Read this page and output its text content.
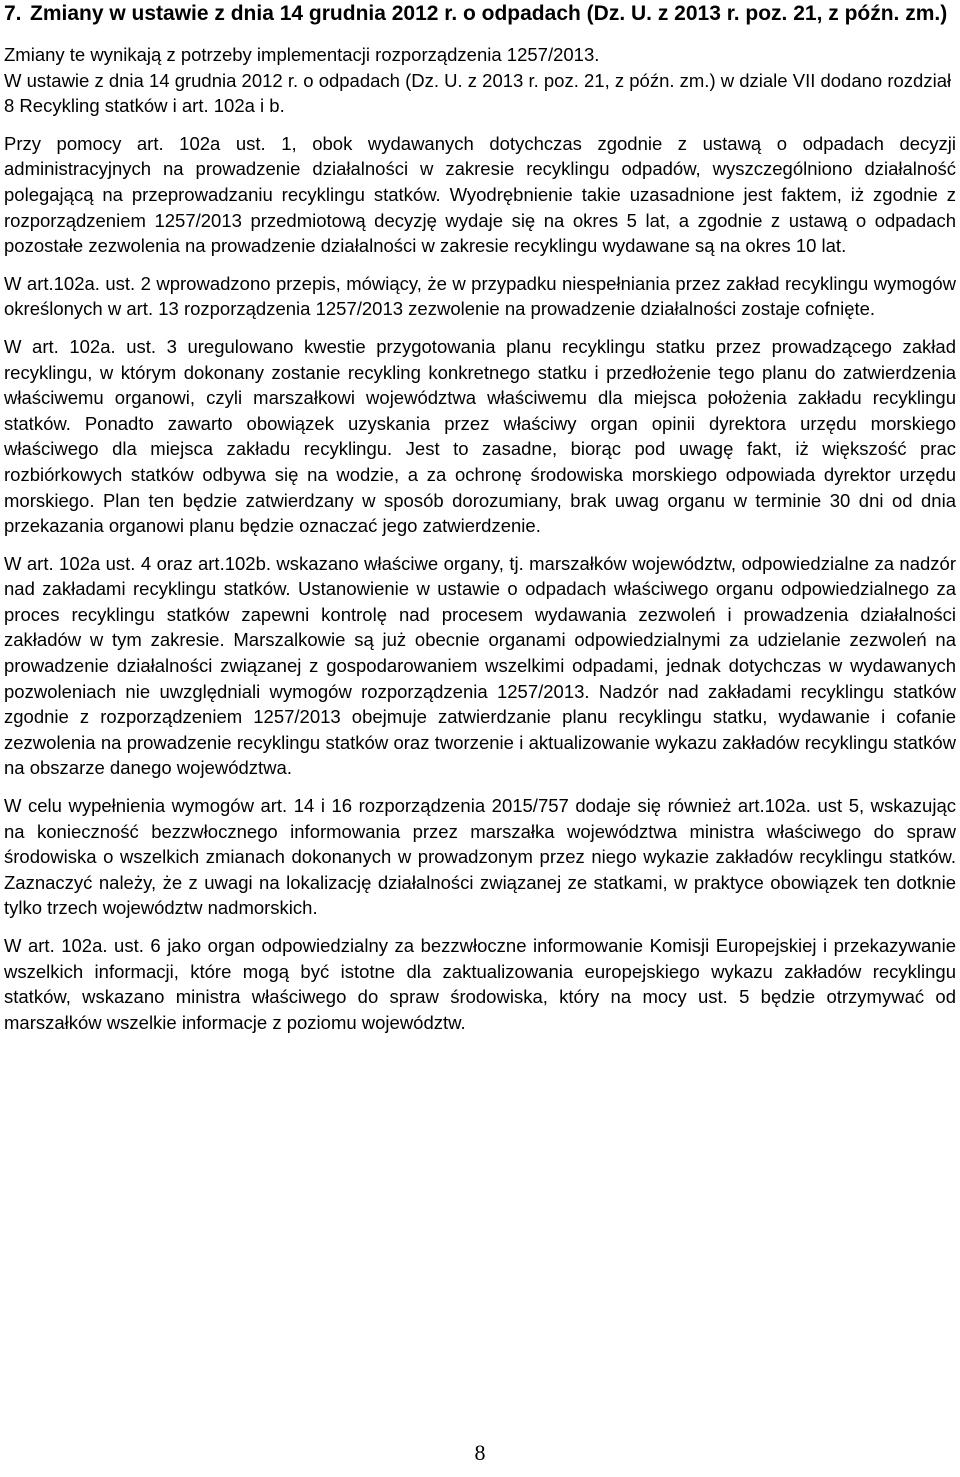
7. Zmiany w ustawie z dnia 14 grudnia 2012 r. o odpadach (Dz. U. z 2013 r. poz. 21, z późn. zm.)

Zmiany te wynikają z potrzeby implementacji rozporządzenia 1257/2013.

W ustawie z dnia 14 grudnia 2012 r. o odpadach (Dz. U. z 2013 r. poz. 21, z późn. zm.) w dziale VII dodano rozdział 8 Recykling statków i art. 102a i b.

Przy pomocy art. 102a ust. 1, obok wydawanych dotychczas zgodnie z ustawą o odpadach decyzji administracyjnych na prowadzenie działalności w zakresie recyklingu odpadów, wyszczególniono działalność polegającą na przeprowadzaniu recyklingu statków. Wyodrębnienie takie uzasadnione jest faktem, iż zgodnie z rozporządzeniem 1257/2013 przedmiotową decyzję wydaje się na okres 5 lat, a zgodnie z ustawą o odpadach pozostałe zezwolenia na prowadzenie działalności w zakresie recyklingu wydawane są na okres 10 lat.

W art.102a. ust. 2 wprowadzono przepis, mówiący, że w przypadku niespełniania przez zakład recyklingu wymogów określonych w art. 13 rozporządzenia 1257/2013 zezwolenie na prowadzenie działalności zostaje cofnięte.

W art. 102a. ust. 3 uregulowano kwestie przygotowania planu recyklingu statku przez prowadzącego zakład recyklingu, w którym dokonany zostanie recykling konkretnego statku i przedłożenie tego planu do zatwierdzenia właściwemu organowi, czyli marszałkowi województwa właściwemu dla miejsca położenia zakładu recyklingu statków. Ponadto zawarto obowiązek uzyskania przez właściwy organ opinii dyrektora urzędu morskiego właściwego dla miejsca zakładu recyklingu. Jest to zasadne, biorąc pod uwagę fakt, iż większość prac rozbiórkowych statków odbywa się na wodzie, a za ochronę środowiska morskiego odpowiada dyrektor urzędu morskiego. Plan ten będzie zatwierdzany w sposób dorozumiany, brak uwag organu w terminie 30 dni od dnia przekazania organowi planu będzie oznaczać jego zatwierdzenie.

W art. 102a ust. 4 oraz art.102b. wskazano właściwe organy, tj. marszałków województw, odpowiedzialne za nadzór nad zakładami recyklingu statków. Ustanowienie w ustawie o odpadach właściwego organu odpowiedzialnego za proces recyklingu statków zapewni kontrolę nad procesem wydawania zezwoleń i prowadzenia działalności zakładów w tym zakresie. Marszalkowie są już obecnie organami odpowiedzialnymi za udzielanie zezwoleń na prowadzenie działalności związanej z gospodarowaniem wszelkimi odpadami, jednak dotychczas w wydawanych pozwoleniach nie uwzględniali wymogów rozporządzenia 1257/2013. Nadzór nad zakładami recyklingu statków zgodnie z rozporządzeniem 1257/2013 obejmuje zatwierdzanie planu recyklingu statku, wydawanie i cofanie zezwolenia na prowadzenie recyklingu statków oraz tworzenie i aktualizowanie wykazu zakładów recyklingu statków na obszarze danego województwa.

W celu wypełnienia wymogów art. 14 i 16 rozporządzenia 2015/757 dodaje się również art.102a. ust 5, wskazując na konieczność bezzwłocznego informowania przez marszałka województwa ministra właściwego do spraw środowiska o wszelkich zmianach dokonanych w prowadzonym przez niego wykazie zakładów recyklingu statków. Zaznaczyć należy, że z uwagi na lokalizację działalności związanej ze statkami, w praktyce obowiązek ten dotknie tylko trzech województw nadmorskich.

W art. 102a. ust. 6 jako organ odpowiedzialny za bezzwłoczne informowanie Komisji Europejskiej i przekazywanie wszelkich informacji, które mogą być istotne dla zaktualizowania europejskiego wykazu zakładów recyklingu statków, wskazano ministra właściwego do spraw środowiska, który na mocy ust. 5 będzie otrzymywać od marszałków wszelkie informacje z poziomu województw.

8
